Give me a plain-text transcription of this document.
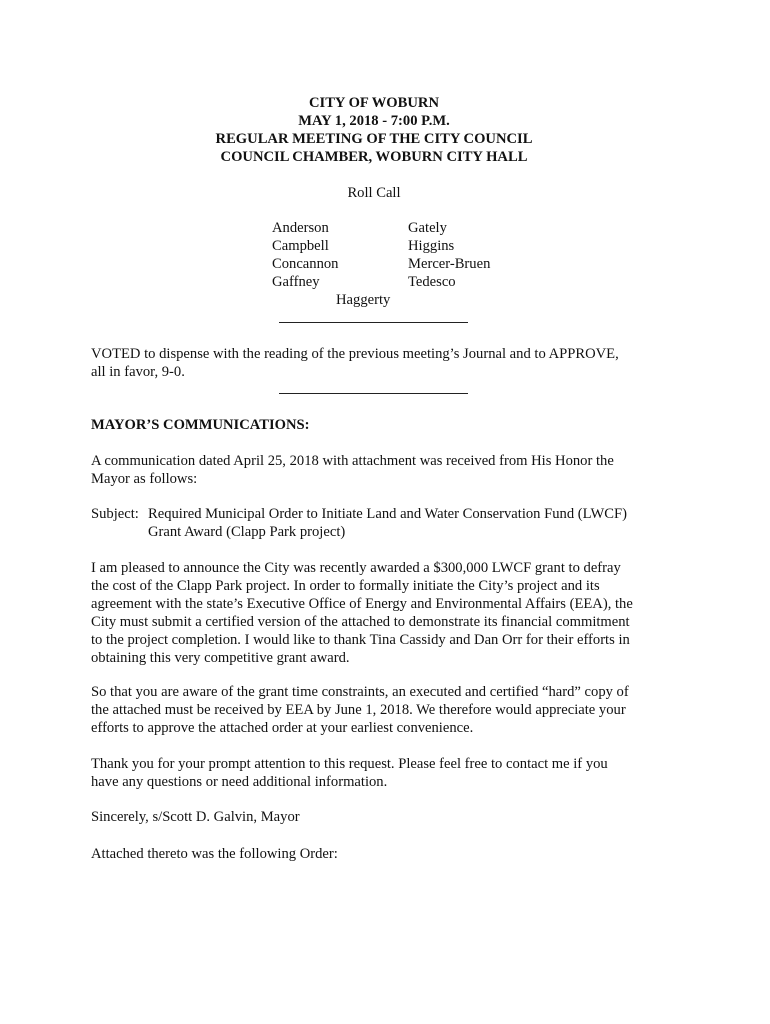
CITY OF WOBURN
MAY 1, 2018 - 7:00 P.M.
REGULAR MEETING OF THE CITY COUNCIL
COUNCIL CHAMBER, WOBURN CITY HALL
Roll Call
Anderson
Campbell
Concannon
Gaffney
Gately
Higgins
Mercer-Bruen
Tedesco
Haggerty
VOTED to dispense with the reading of the previous meeting’s Journal and to APPROVE,
all in favor, 9-0.
MAYOR’S COMMUNICATIONS:
A communication dated April 25, 2018 with attachment was received from His Honor the
Mayor as follows:
Subject: Required Municipal Order to Initiate Land and Water Conservation Fund (LWCF)
Grant Award (Clapp Park project)
I am pleased to announce the City was recently awarded a $300,000 LWCF grant to defray
the cost of the Clapp Park project. In order to formally initiate the City’s project and its
agreement with the state’s Executive Office of Energy and Environmental Affairs (EEA), the
City must submit a certified version of the attached to demonstrate its financial commitment
to the project completion. I would like to thank Tina Cassidy and Dan Orr for their efforts in
obtaining this very competitive grant award.
So that you are aware of the grant time constraints, an executed and certified “hard” copy of
the attached must be received by EEA by June 1, 2018. We therefore would appreciate your
efforts to approve the attached order at your earliest convenience.
Thank you for your prompt attention to this request. Please feel free to contact me if you
have any questions or need additional information.
Sincerely, s/Scott D. Galvin, Mayor
Attached thereto was the following Order:
